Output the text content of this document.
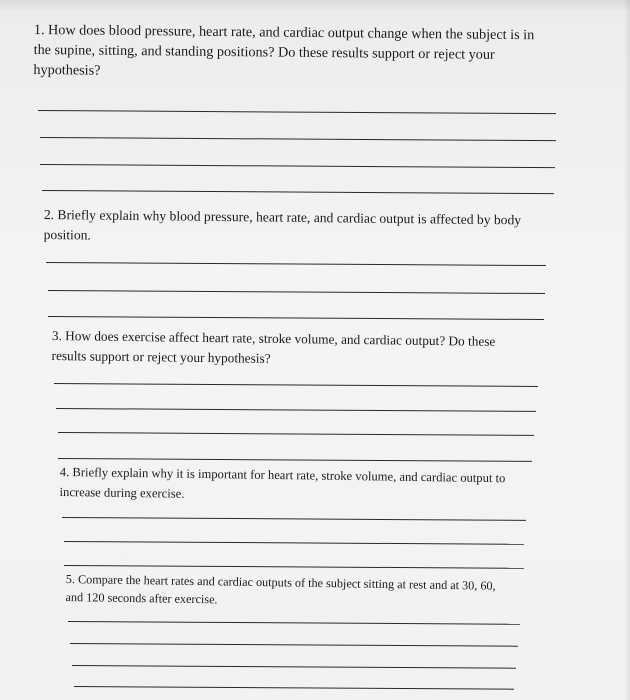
1. How does blood pressure, heart rate, and cardiac output change when the subject is in
the supine, sitting, and standing positions? Do these results support or reject your
hypothesis?
2. Briefly explain why blood pressure, heart rate, and cardiac output is affected by body
position.
3. How does exercise affect heart rate, stroke volume, and cardiac output? Do these
results support or reject your hypothesis?
4. Briefly explain why it is important for heart rate, stroke volume, and cardiac output to
increase during exercise.
5. Compare the heart rates and cardiac outputs of the subject sitting at rest and at 30, 60,
and 120 seconds after exercise.
